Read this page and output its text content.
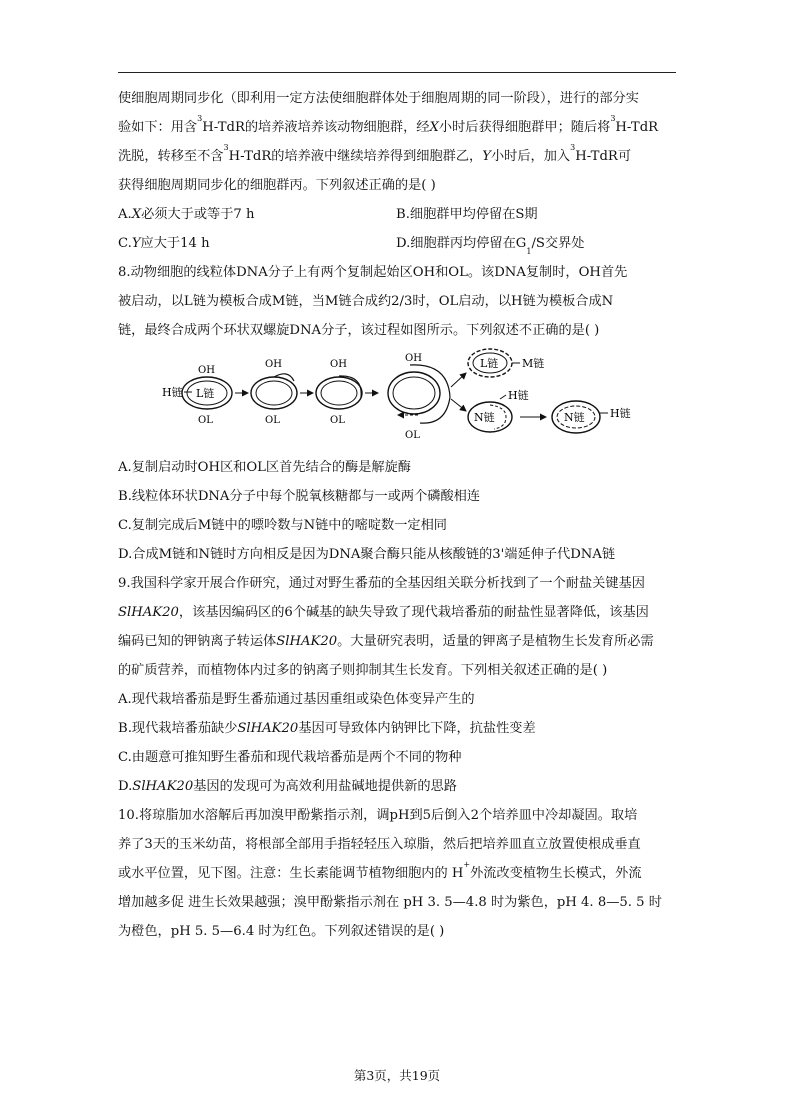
使细胞周期同步化（即利用一定方法使细胞群体处于细胞周期的同一阶段），进行的部分实
验如下：用含$^3$H-TdR的培养液培养该动物细胞群，经X小时后获得细胞群甲；随后将$^3$H-TdR
洗脱，转移至不含$^3$H-TdR的培养液中继续培养得到细胞群乙，Y小时后，加入$^3$H-TdR可
获得细胞周期同步化的细胞群丙。下列叙述正确的是( )
A.X必须大于或等于7 h	B.细胞群甲均停留在S期
C.Y应大于14 h	D.细胞群丙均停留在$G_1/S$交界处
8.动物细胞的线粒体DNA分子上有两个复制起始区OH和OL。该DNA复制时，OH首先
被启动，以L链为模板合成M链，当M链合成约2/3时，OL启动，以H链为模板合成N
链，最终合成两个环状双螺旋DNA分子，该过程如图所示。下列叙述不正确的是( )
H链 L链
OH
OL
OH
OL
OH
OL
OH
OL
L链 M链
N链
H链
N链 H链
A.复制启动时OH区和OL区首先结合的酶是解旋酶
B.线粒体环状DNA分子中每个脱氧核糖都与一或两个磷酸相连
C.复制完成后M链中的嘌呤数与N链中的嘧啶数一定相同
D.合成M链和N链时方向相反是因为DNA聚合酶只能从核酸链的3'端延伸子代DNA链
9.我国科学家开展合作研究，通过对野生番茄的全基因组关联分析找到了一个耐盐关键基因
SlHAK20，该基因编码区的6个碱基的缺失导致了现代栽培番茄的耐盐性显著降低，该基因
编码已知的钾钠离子转运体SlHAK20。大量研究表明，适量的钾离子是植物生长发育所必需
的矿质营养，而植物体内过多的钠离子则抑制其生长发育。下列相关叙述正确的是( )
A.现代栽培番茄是野生番茄通过基因重组或染色体变异产生的
B.现代栽培番茄缺少SlHAK20基因可导致体内钠钾比下降，抗盐性变差
C.由题意可推知野生番茄和现代栽培番茄是两个不同的物种
D.SlHAK20基因的发现可为高效利用盐碱地提供新的思路
10.将琼脂加水溶解后再加溴甲酚紫指示剂，调pH到5后倒入2个培养皿中冷却凝固。取培
养了3天的玉米幼苗，将根部全部用手指轻轻压入琼脂，然后把培养皿直立放置使根成垂直
或水平位置，见下图。注意：生长素能调节植物细胞内的 H+外流改变植物生长模式，外流
增加越多促 进生长效果越强；溴甲酚紫指示剂在 pH 3. 5—4.8 时为紫色，pH 4. 8—5. 5 时
为橙色，pH 5. 5—6.4 时为红色。下列叙述错误的是( )
第3页，共19页
